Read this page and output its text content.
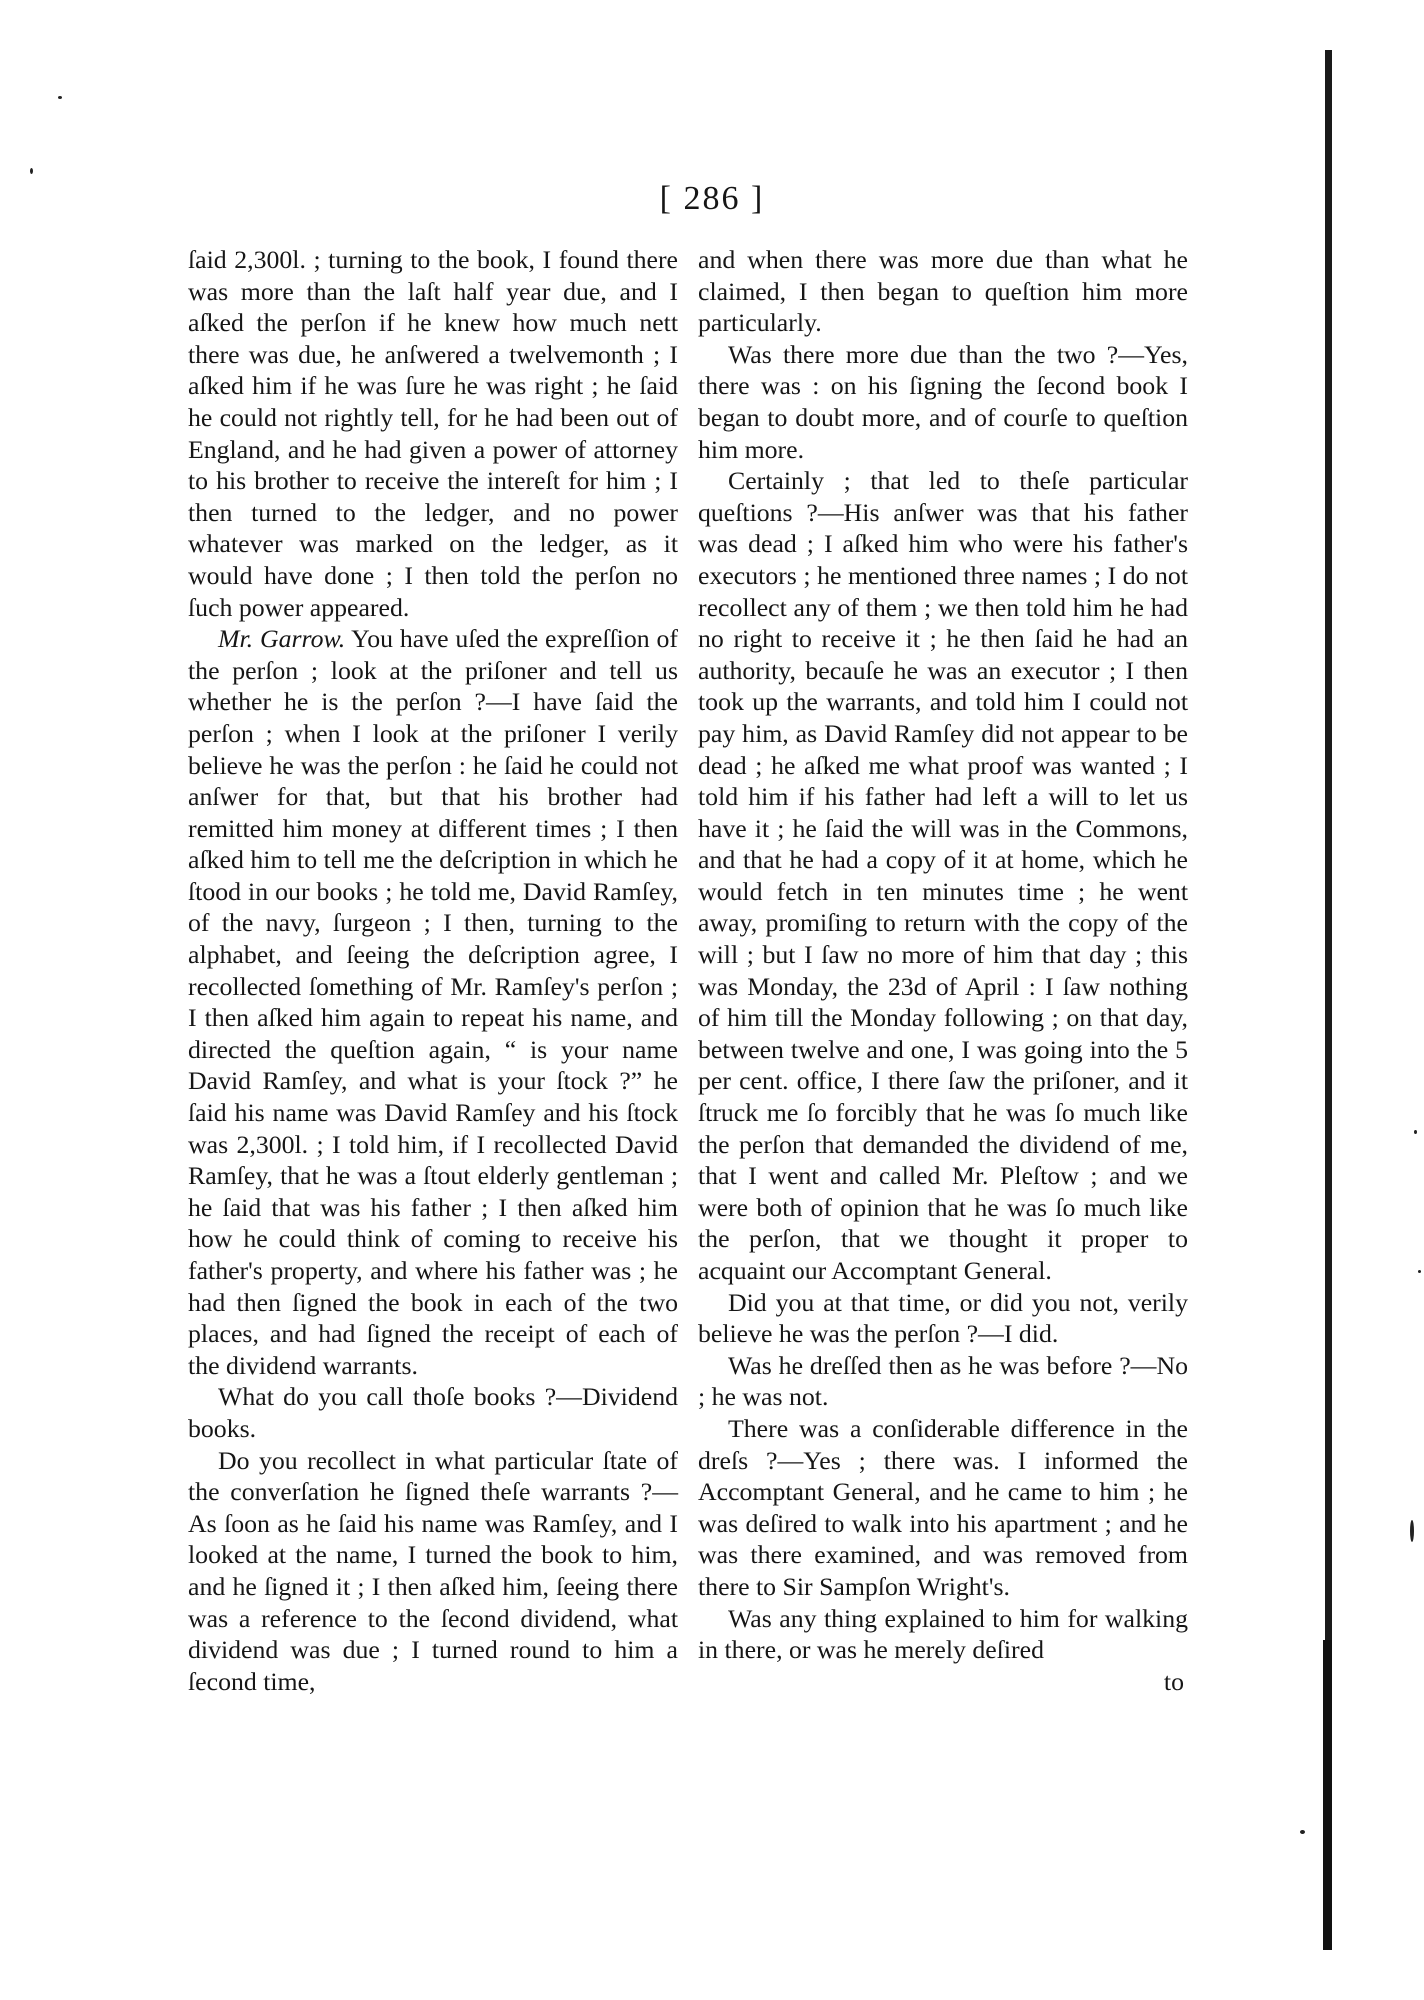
[ 286 ]

ſaid 2,300l. ; turning to the book, I found there was more than the laſt half year due, and I aſked the perſon if he knew how much nett there was due, he anſwered a twelvemonth ; I aſked him if he was ſure he was right ; he ſaid he could not rightly tell, for he had been out of England, and he had given a power of attorney to his brother to receive the intereſt for him ; I then turned to the ledger, and no power whatever was marked on the ledger, as it would have done ; I then told the perſon no ſuch power appeared.

Mr. Garrow. You have uſed the expreſſion of the perſon ; look at the priſoner and tell us whether he is the perſon ?—I have ſaid the perſon ; when I look at the priſoner I verily believe he was the perſon : he ſaid he could not anſwer for that, but that his brother had remitted him money at different times ; I then aſked him to tell me the deſcription in which he ſtood in our books ; he told me, David Ramſey, of the navy, ſurgeon ; I then, turning to the alphabet, and ſeeing the deſcription agree, I recollected ſomething of Mr. Ramſey's perſon ; I then aſked him again to repeat his name, and directed the queſtion again, “ is your name David Ramſey, and what is your ſtock ?” he ſaid his name was David Ramſey and his ſtock was 2,300l. ; I told him, if I recollected David Ramſey, that he was a ſtout elderly gentleman ; he ſaid that was his father ; I then aſked him how he could think of coming to receive his father's property, and where his father was ; he had then ſigned the book in each of the two places, and had ſigned the receipt of each of the dividend warrants.

What do you call thoſe books ?—Dividend books.

Do you recollect in what particular ſtate of the converſation he ſigned theſe warrants ?—As ſoon as he ſaid his name was Ramſey, and I looked at the name, I turned the book to him, and he ſigned it ; I then aſked him, ſeeing there was a reference to the ſecond dividend, what dividend was due ; I turned round to him a ſecond time,

and when there was more due than what he claimed, I then began to queſtion him more particularly.

Was there more due than the two ?—Yes, there was : on his ſigning the ſecond book I began to doubt more, and of courſe to queſtion him more.

Certainly ; that led to theſe particular queſtions ?—His anſwer was that his father was dead ; I aſked him who were his father's executors ; he mentioned three names ; I do not recollect any of them ; we then told him he had no right to receive it ; he then ſaid he had an authority, becauſe he was an executor ; I then took up the warrants, and told him I could not pay him, as David Ramſey did not appear to be dead ; he aſked me what proof was wanted ; I told him if his father had left a will to let us have it ; he ſaid the will was in the Commons, and that he had a copy of it at home, which he would fetch in ten minutes time ; he went away, promiſing to return with the copy of the will ; but I ſaw no more of him that day ; this was Monday, the 23d of April : I ſaw nothing of him till the Monday following ; on that day, between twelve and one, I was going into the 5 per cent. office, I there ſaw the priſoner, and it ſtruck me ſo forcibly that he was ſo much like the perſon that demanded the dividend of me, that I went and called Mr. Pleſtow ; and we were both of opinion that he was ſo much like the perſon, that we thought it proper to acquaint our Accomptant General.

Did you at that time, or did you not, verily believe he was the perſon ?—I did.

Was he dreſſed then as he was before ?—No ; he was not.

There was a conſiderable difference in the dreſs ?—Yes ; there was. I informed the Accomptant General, and he came to him ; he was deſired to walk into his apartment ; and he was there examined, and was removed from there to Sir Sampſon Wright's.

Was any thing explained to him for walking in there, or was he merely deſired

to
